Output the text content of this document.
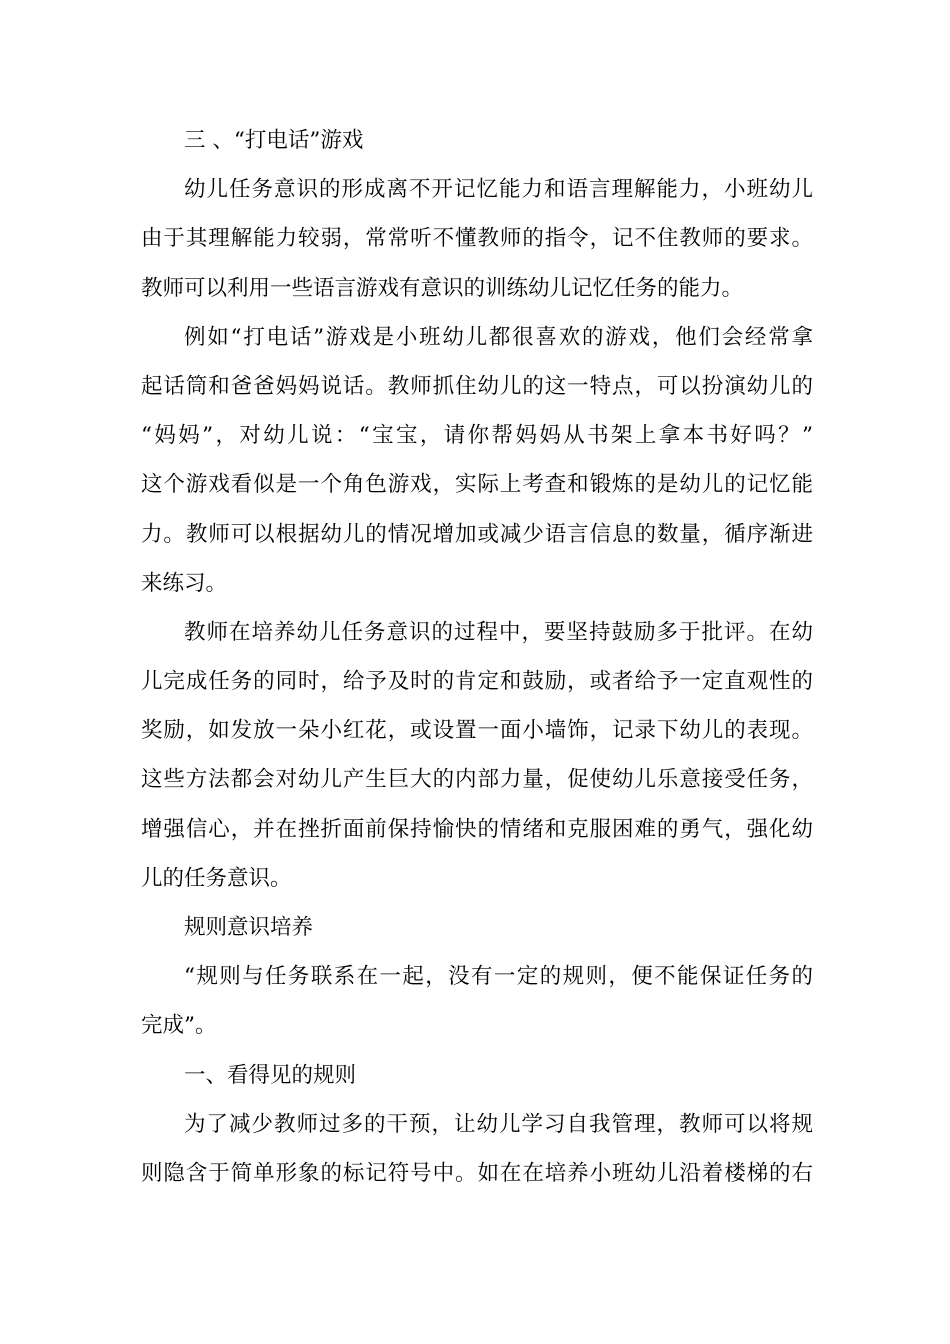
三 、“打电话”游戏
幼儿任务意识的形成离不开记忆能力和语言理解能力，小班幼儿
由于其理解能力较弱，常常听不懂教师的指令，记不住教师的要求。
教师可以利用一些语言游戏有意识的训练幼儿记忆任务的能力。
例如“打电话”游戏是小班幼儿都很喜欢的游戏，他们会经常拿
起话筒和爸爸妈妈说话。教师抓住幼儿的这一特点，可以扮演幼儿的
“妈妈”，对幼儿说：“宝宝，请你帮妈妈从书架上拿本书好吗？”
这个游戏看似是一个角色游戏，实际上考查和锻炼的是幼儿的记忆能
力。教师可以根据幼儿的情况增加或减少语言信息的数量，循序渐进
来练习。
教师在培养幼儿任务意识的过程中，要坚持鼓励多于批评。在幼
儿完成任务的同时，给予及时的肯定和鼓励，或者给予一定直观性的
奖励，如发放一朵小红花，或设置一面小墙饰，记录下幼儿的表现。
这些方法都会对幼儿产生巨大的内部力量，促使幼儿乐意接受任务，
增强信心，并在挫折面前保持愉快的情绪和克服困难的勇气，强化幼
儿的任务意识。
规则意识培养
“规则与任务联系在一起，没有一定的规则，便不能保证任务的
完成”。
一、看得见的规则
为了减少教师过多的干预，让幼儿学习自我管理，教师可以将规
则隐含于简单形象的标记符号中。如在在培养小班幼儿沿着楼梯的右
